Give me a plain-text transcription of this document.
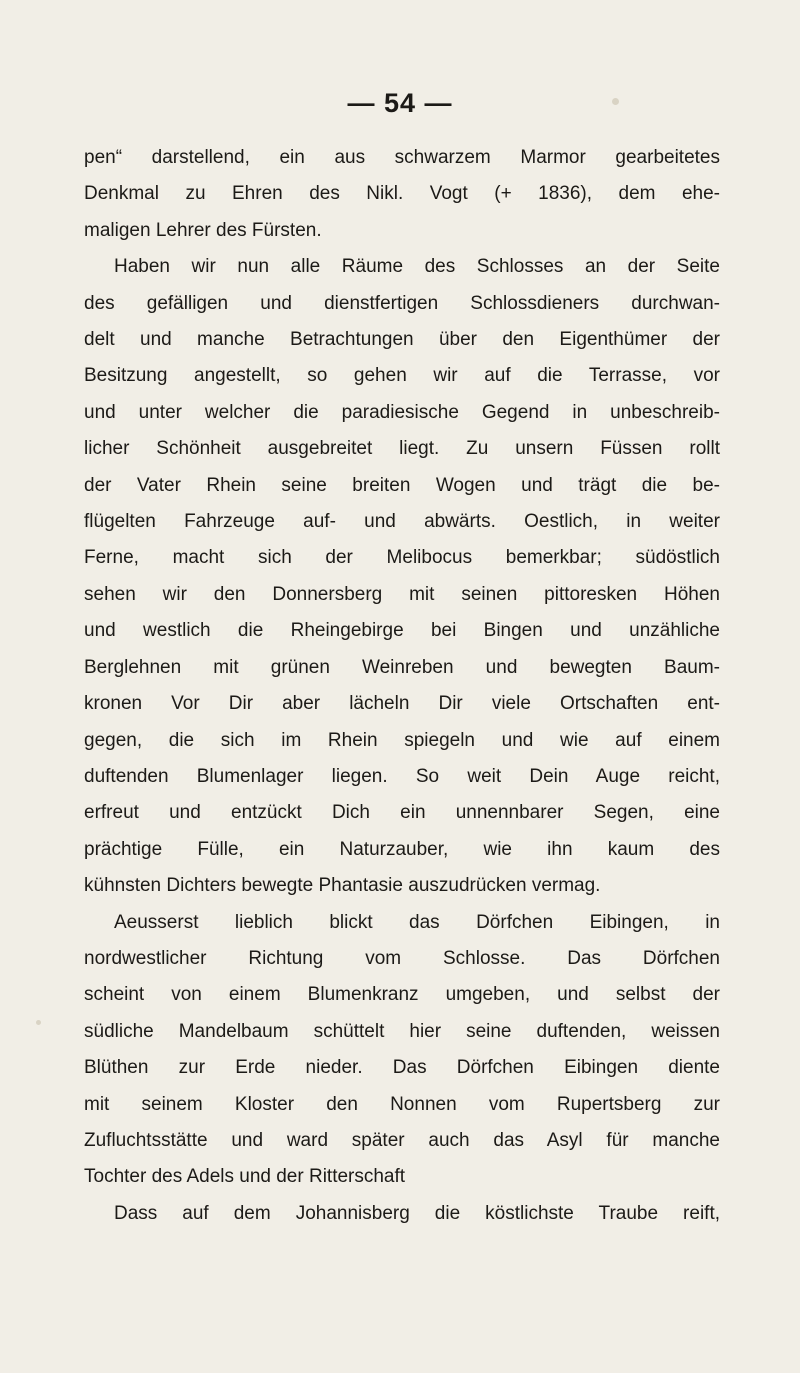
— 54 —
pen“ darstellend, ein aus schwarzem Marmor gearbeitetes
Denkmal zu Ehren des Nikl. Vogt (+ 1836), dem ehe-
maligen Lehrer des Fürsten.
Haben wir nun alle Räume des Schlosses an der Seite
des gefälligen und dienstfertigen Schlossdieners durchwan-
delt und manche Betrachtungen über den Eigenthümer der
Besitzung angestellt, so gehen wir auf die Terrasse, vor
und unter welcher die paradiesische Gegend in unbeschreib-
licher Schönheit ausgebreitet liegt. Zu unsern Füssen rollt
der Vater Rhein seine breiten Wogen und trägt die be-
flügelten Fahrzeuge auf- und abwärts. Oestlich, in weiter
Ferne, macht sich der Melibocus bemerkbar; südöstlich
sehen wir den Donnersberg mit seinen pittoresken Höhen
und westlich die Rheingebirge bei Bingen und unzähliche
Berglehnen mit grünen Weinreben und bewegten Baum-
kronen Vor Dir aber lächeln Dir viele Ortschaften ent-
gegen, die sich im Rhein spiegeln und wie auf einem
duftenden Blumenlager liegen. So weit Dein Auge reicht,
erfreut und entzückt Dich ein unnennbarer Segen, eine
prächtige Fülle, ein Naturzauber, wie ihn kaum des
kühnsten Dichters bewegte Phantasie auszudrücken vermag.
Aeusserst lieblich blickt das Dörfchen Eibingen, in
nordwestlicher Richtung vom Schlosse. Das Dörfchen
scheint von einem Blumenkranz umgeben, und selbst der
südliche Mandelbaum schüttelt hier seine duftenden, weissen
Blüthen zur Erde nieder. Das Dörfchen Eibingen diente
mit seinem Kloster den Nonnen vom Rupertsberg zur
Zufluchtsstätte und ward später auch das Asyl für manche
Tochter des Adels und der Ritterschaft
Dass auf dem Johannisberg die köstlichste Traube reift,
